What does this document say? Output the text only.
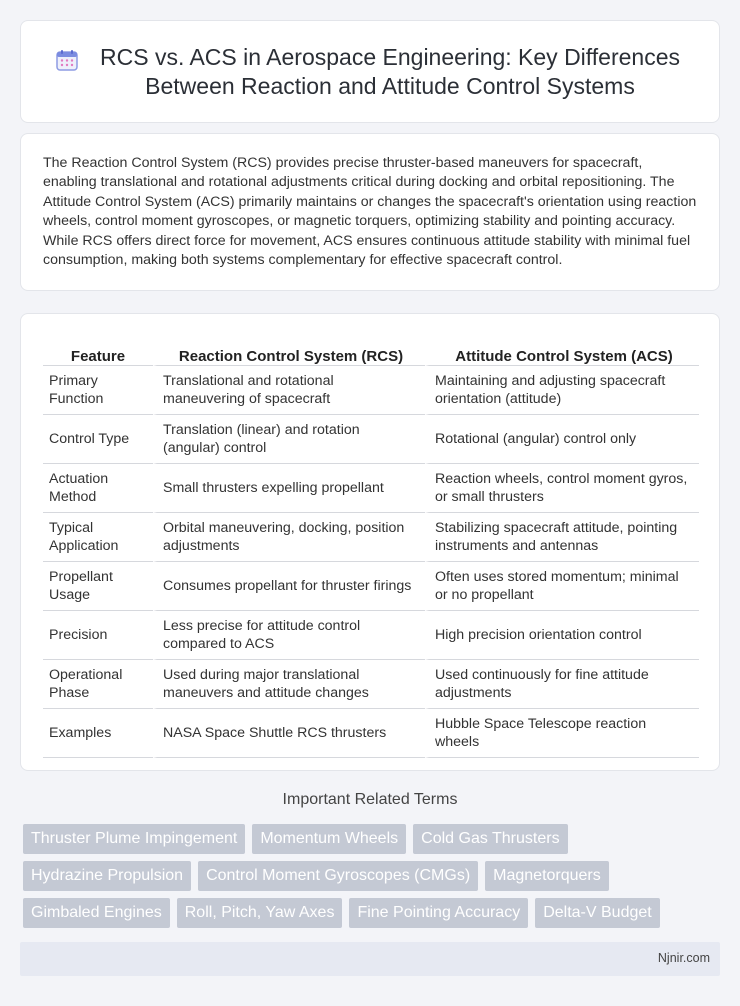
RCS vs. ACS in Aerospace Engineering: Key Differences Between Reaction and Attitude Control Systems

The Reaction Control System (RCS) provides precise thruster-based maneuvers for spacecraft, enabling translational and rotational adjustments critical during docking and orbital repositioning. The Attitude Control System (ACS) primarily maintains or changes the spacecraft's orientation using reaction wheels, control moment gyroscopes, or magnetic torquers, optimizing stability and pointing accuracy. While RCS offers direct force for movement, ACS ensures continuous attitude stability with minimal fuel consumption, making both systems complementary for effective spacecraft control.

Feature	Reaction Control System (RCS)	Attitude Control System (ACS)
Primary Function	Translational and rotational maneuvering of spacecraft	Maintaining and adjusting spacecraft orientation (attitude)
Control Type	Translation (linear) and rotation (angular) control	Rotational (angular) control only
Actuation Method	Small thrusters expelling propellant	Reaction wheels, control moment gyros, or small thrusters
Typical Application	Orbital maneuvering, docking, position adjustments	Stabilizing spacecraft attitude, pointing instruments and antennas
Propellant Usage	Consumes propellant for thruster firings	Often uses stored momentum; minimal or no propellant
Precision	Less precise for attitude control compared to ACS	High precision orientation control
Operational Phase	Used during major translational maneuvers and attitude changes	Used continuously for fine attitude adjustments
Examples	NASA Space Shuttle RCS thrusters	Hubble Space Telescope reaction wheels
Important Related Terms
Thruster Plume Impingement	Momentum Wheels	Cold Gas Thrusters
Hydrazine Propulsion	Control Moment Gyroscopes (CMGs)	Magnetorquers
Gimbaled Engines	Roll, Pitch, Yaw Axes	Fine Pointing Accuracy	Delta-V Budget
Njnir.com
